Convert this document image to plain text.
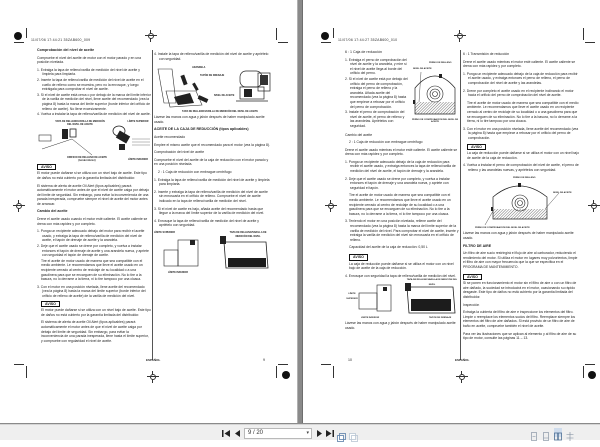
11/07/06 17:44:21 35ZAB600_009
Comprobación del nivel de aceite

Compruebe el nivel del aceite de motor con el motor parado y en una posición nivelada.

1. Extraiga la tapa de relleno/varilla de medición del nivel de aceite y límpiela para limpiarla.
2. Inserte la tapa de relleno/varilla de medición del nivel de aceite en el cuello de relleno como se muestra, pero no la enrosque, y luego extráigala para comprobar el nivel de aceite.
3. Si el nivel de aceite está cerca o por debajo de la marca del límite inferior de la varilla de medición del nivel, llene aceite del recomendado (vea la página 8) hasta la marca del límite superior (borde inferior del orificio de relleno de aceite). No llene excesivamente.
4. Vuelva a instalar la tapa de relleno/varilla de medición del nivel de aceite.
TAPA DE RELLENO/VARILLA DE MEDICIÓN DEL NIVEL DE ACEITE
LÍMITE SUPERIOR
ORIFICIO DE RELLENO DE ACEITE (borde inferior)	LÍMITE INFERIOR
AVISO

El motor puede dañarse si se utiliza con un nivel bajo de aceite. Este tipo de daños no está cubierto por la garantía limitada del distribuidor.

El sistema de alerta de aceite Oil Alert (tipos aplicables) parará automáticamente el motor antes de que el nivel de aceite caiga por debajo del límite de seguridad. Sin embargo, para evitar la inconveniencia de una parada inesperada, compruebe siempre el nivel de aceite del motor antes de arrancar.

Cambio del aceite

Drene el aceite usado cuando el motor esté caliente. El aceite caliente se drena con más rapidez y por completo.

1. Ponga un recipiente adecuado debajo del motor para recibir el aceite usado, y extraiga la tapa de relleno/varilla de medición del nivel de aceite, el tapón de drenaje de aceite y la arandela.
2. Deje que el aceite usado se drene por completo, y vuelva a instalar entonces el tapón de drenaje de aceite y una arandela nueva, y apriete con seguridad el tapón de drenaje de aceite.

Tire el aceite de motor usado de manera que sea compatible con el medio ambiente. Le recomendamos que lleve el aceite usado en un recipiente cerrado al centro de reciclaje de su localidad o a una gasolinera para que se encarguen de su eliminación. No lo tire a la basura, no lo derrame a la tierra, ni lo tire tampoco por una cloaca.

3. Con el motor en una posición nivelada, llene aceite del recomendado (vea la página 8) hasta la marca del límite superior (borde inferior del orificio de relleno de aceite) de la varilla de medición del nivel.
AVISO

El motor puede dañarse si se utiliza con un nivel bajo de aceite. Este tipo de daños no está cubierto por la garantía limitada del distribuidor.

El sistema de alerta de aceite Oil Alert (tipos aplicables) parará automáticamente el motor antes de que el nivel de aceite caiga por debajo del límite de seguridad. Sin embargo, para evitar la inconveniencia de una parada inesperada, llene hasta el límite superior, y compruebe con regularidad el nivel de aceite.

4. Instale la tapa de relleno/varilla de medición del nivel de aceite y apriételo con seguridad.
ARANDELA
TAPÓN DE DRENAJE
NIVEL DE ACEITE
TAPA DE RELLENO/VARILLA DE MEDICIÓN DEL NIVEL DE ACEITE

Lávese las manos con agua y jabón después de haber manipulado aceite usado.

ACEITE DE LA CAJA DE REDUCCIÓN (tipos aplicables)

Aceite recomendado

Emplee el mismo aceite que el recomendado para el motor (vea la página 8).

Comprobación del nivel de aceite

Compruebe el nivel del aceite de la caja de reducción con el motor parado y en una posición nivelada.

2 : 1 Caja de reducción con embrague centrífugo

1. Extraiga la tapa de relleno/varilla de medición del nivel de aceite y límpiela para limpiarla.
2. Inserte y extraiga la tapa de relleno/varilla de medición del nivel de aceite sin enroscarla en el orificio de relleno. Compruebe el nivel de aceite indicado en la tapa de relleno/varilla de medición del nivel.
3. Si el nivel de aceite es bajo, añada aceite del recomendado hasta que llegue a la marca del límite superior de la varilla de medición del nivel.
4. Enrosque la tapa de relleno/varilla de medición del nivel de aceite y apriételo con seguridad.
LÍMITE SUPERIOR	TAPA DE RELLENO/VARILLA DE MEDICIÓN DEL NIVEL
LÍMITE INFERIOR
ESPAÑOL	9
11/07/06 17:44:27 35ZAB600_010
6 : 1 Caja de reducción
1. Extraiga el perno de comprobación del nivel de aceite y la arandela, y mire si el nivel de aceite llega al borde del orificio del perno.
2. Si el nivel de aceite está por debajo del orificio del perno de comprobación, extraiga el perno de relleno y la arandela. Añada aceite del recomendado (vea la página 8) hasta que empiece a rebosar por el orificio del perno de comprobación.
3. Instale el perno de comprobación del nivel de aceite, el perno de relleno y las arandelas. Apriételos con seguridad.
PERNO DE RELLENO
NIVEL DE ACEITE
PERNO DE COMPROBACIÓN DEL NIVEL DE ACEITE

Cambio del aceite

2 : 1 Caja de reducción con embrague centrífugo

Drene el aceite usado mientras el motor esté caliente. El aceite caliente se drena con más rapidez y por completo.

1. Ponga un recipiente adecuado debajo de la caja de reducción para recibir el aceite usado, y extraiga entonces la tapa de relleno/varilla de medición del nivel de aceite, el tapón de drenaje y la arandela.
2. Deje que el aceite usado se drene por completo, y vuelva a instalar entonces el tapón de drenaje y una arandela nueva, y apriete con seguridad el tapón.

Tire el aceite de motor usado de manera que sea compatible con el medio ambiente. Le recomendamos que lleve el aceite usado en un recipiente cerrado al centro de reciclaje de su localidad o a una gasolinera para que se encarguen de su eliminación. No lo tire a la basura, no lo derrame a la tierra, ni lo tire tampoco por una cloaca.

3. Teniendo el motor en una posición nivelada, rellene aceite del recomendado (vea la página 8) hasta la marca del límite superior de la varilla de medición del nivel. Para comprobar el nivel de aceite, inserte y extraiga la varilla de medición del nivel sin enroscarla en el orificio de relleno.

Capacidad del aceite de la caja de reducción: 0,50 L

AVISO

La caja de reducción puede dañarse si se utiliza el motor con un nivel bajo de aceite de la caja de reducción.

4. Enrosque con seguridad la tapa de relleno/varilla de medición del nivel.
TAPA DE RELLENO/VARILLA DE MEDICIÓN DEL NIVEL
LÍMITE SUPERIOR
LÍMITE INFERIOR	TAPÓN DE DRENAJE

Lávese las manos con agua y jabón después de haber manipulado aceite usado.

6 : 1 Transmisión de reducción

Drene el aceite usado mientras el motor esté caliente. El aceite caliente se drena con más rapidez y por completo.

1. Ponga un recipiente adecuado debajo de la caja de reducción para recibir el aceite usado, y extraiga entonces el perno de relleno, el perno de comprobación del nivel de aceite y las arandelas.
2. Drene por completo el aceite usado en el recipiente inclinando el motor hacia el orificio del perno de comprobación del nivel de aceite.

Tire el aceite de motor usado de manera que sea compatible con el medio ambiente. Le recomendamos que lleve el aceite usado en un recipiente cerrado al centro de reciclaje de su localidad o a una gasolinera para que se encarguen de su eliminación. No lo tire a la basura, no lo derrame a la tierra, ni lo tire tampoco por una cloaca.

3. Con el motor en una posición nivelada, llene aceite del recomendado (vea la página 8) hasta que empiece a rebosar por el orificio del perno de comprobación.
AVISO

La caja de reducción puede dañarse si se utiliza el motor con un nivel bajo de aceite de la caja de reducción.

4. Vuelva a instalar el perno de comprobación del nivel de aceite, el perno de relleno y las arandelas nuevas, y apriételos con seguridad.
PERNO DE RELLENO
NIVEL DE ACEITE
PERNO DE COMPROBACIÓN DEL NIVEL DE ACEITE

Lávese las manos con agua y jabón después de haber manipulado aceite usado.

FILTRO DE AIRE

Un filtro de aire sucio restringirá el flujo de aire al carburador, reduciendo el rendimiento del motor. Si utiliza el motor en lugares muy polvorientos, limpie el filtro de aire con mayor frecuencia que la que se especifica en el PROGRAMA DE MANTENIMIENTO.

AVISO

Si se ponen en funcionamiento el motor sin el filtro de aire o con un filtro de aire dañado, la suciedad se introducirá en el motor, ocasionando su rápido desgaste. Este tipo de daños no está cubierto por la garantía limitada del distribuidor.

Inspección

Extraiga la cubierta del filtro de aire e inspeccione los elementos del filtro. Limpie o reemplace los elementos sucios del filtro. Reemplace siempre los elementos del filtro de aire dañados. Si está provisto de un filtro de aire de baño en aceite, compruebe también el nivel de aceite.

Para ver las ilustraciones que se aplican al elemento y al filtro de aire de su tipo de motor, consulte las páginas 11 – 13.

10	ESPAÑOL
9 / 20	▾
